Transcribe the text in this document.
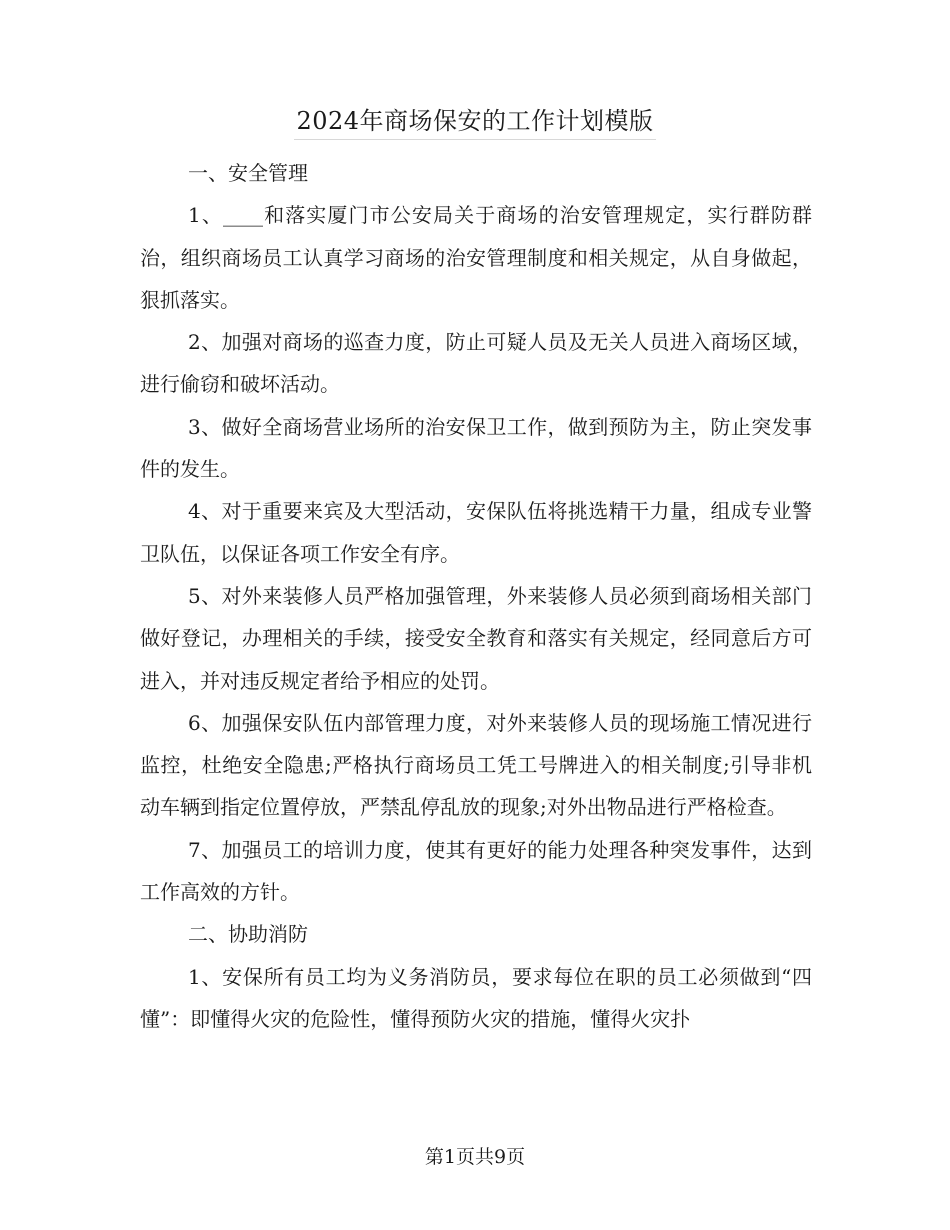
2024年商场保安的工作计划模版

一、安全管理

1、____和落实厦门市公安局关于商场的治安管理规定，实行群防群治，组织商场员工认真学习商场的治安管理制度和相关规定，从自身做起，狠抓落实。

2、加强对商场的巡查力度，防止可疑人员及无关人员进入商场区域，进行偷窃和破坏活动。

3、做好全商场营业场所的治安保卫工作，做到预防为主，防止突发事件的发生。

4、对于重要来宾及大型活动，安保队伍将挑选精干力量，组成专业警卫队伍，以保证各项工作安全有序。

5、对外来装修人员严格加强管理，外来装修人员必须到商场相关部门做好登记，办理相关的手续，接受安全教育和落实有关规定，经同意后方可进入，并对违反规定者给予相应的处罚。

6、加强保安队伍内部管理力度，对外来装修人员的现场施工情况进行监控，杜绝安全隐患;严格执行商场员工凭工号牌进入的相关制度;引导非机动车辆到指定位置停放，严禁乱停乱放的现象;对外出物品进行严格检查。

7、加强员工的培训力度，使其有更好的能力处理各种突发事件，达到工作高效的方针。

二、协助消防

1、安保所有员工均为义务消防员，要求每位在职的员工必须做到“四懂”：即懂得火灾的危险性，懂得预防火灾的措施，懂得火灾扑

第1页共9页
